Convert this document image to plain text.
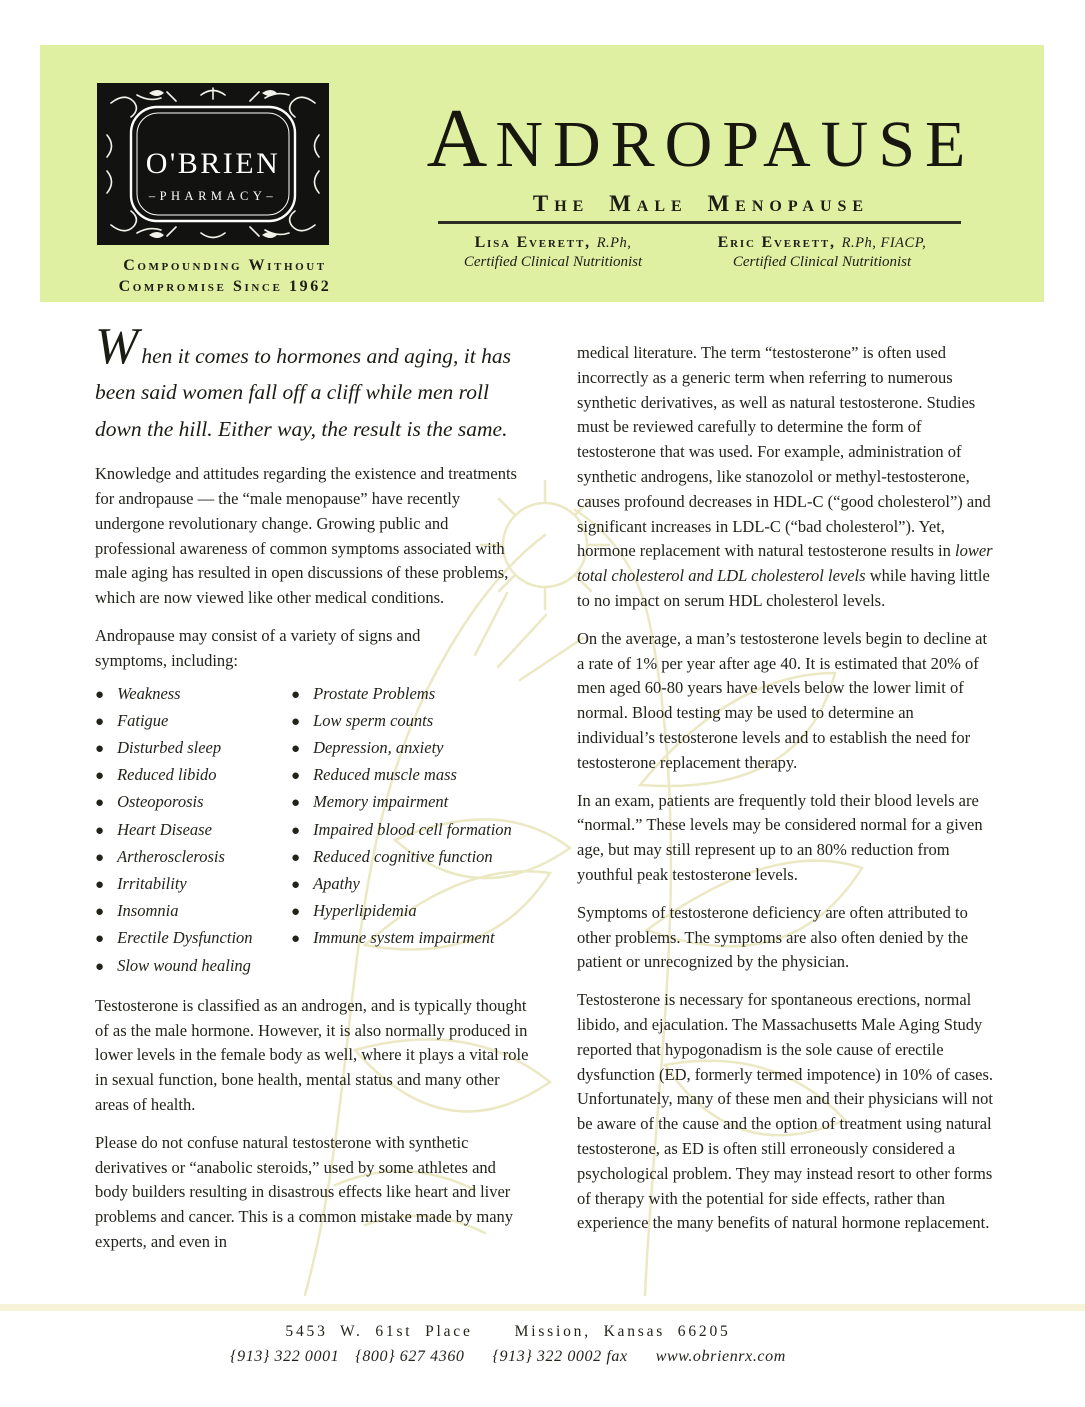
O'BRIEN
–PHARMACY–
Compounding Without
Compromise Since 1962
ANDROPAUSE
The Male Menopause
Lisa Everett, R.Ph,
Certified Clinical Nutritionist
Eric Everett, R.Ph, FIACP,
Certified Clinical Nutritionist

When it comes to hormones and aging, it has been said women fall off a cliff while men roll down the hill. Either way, the result is the same.

Knowledge and attitudes regarding the existence and treatments for andropause — the “male menopause” have recently undergone revolutionary change. Growing public and professional awareness of common symptoms associated with male aging has resulted in open discussions of these problems, which are now viewed like other medical conditions.

Andropause may consist of a variety of signs and symptoms, including:

● Weakness
● Fatigue
● Disturbed sleep
● Reduced libido
● Osteoporosis
● Heart Disease
● Artherosclerosis
● Irritability
● Insomnia
● Erectile Dysfunction
● Slow wound healing
● Prostate Problems
● Low sperm counts
● Depression, anxiety
● Reduced muscle mass
● Memory impairment
● Impaired blood cell formation
● Reduced cognitive function
● Apathy
● Hyperlipidemia
● Immune system impairment

Testosterone is classified as an androgen, and is typically thought of as the male hormone. However, it is also normally produced in lower levels in the female body as well, where it plays a vital role in sexual function, bone health, mental status and many other areas of health.

Please do not confuse natural testosterone with synthetic derivatives or “anabolic steroids,” used by some athletes and body builders resulting in disastrous effects like heart and liver problems and cancer. This is a common mistake made by many experts, and even in

medical literature. The term “testosterone” is often used incorrectly as a generic term when referring to numerous synthetic derivatives, as well as natural testosterone. Studies must be reviewed carefully to determine the form of testosterone that was used. For example, administration of synthetic androgens, like stanozolol or methyl-testosterone, causes profound decreases in HDL-C (“good cholesterol”) and significant increases in LDL-C (“bad cholesterol”). Yet, hormone replacement with natural testosterone results in lower total cholesterol and LDL cholesterol levels while having little to no impact on serum HDL cholesterol levels.

On the average, a man’s testosterone levels begin to decline at a rate of 1% per year after age 40. It is estimated that 20% of men aged 60-80 years have levels below the lower limit of normal. Blood testing may be used to determine an individual’s testosterone levels and to establish the need for testosterone replacement therapy.

In an exam, patients are frequently told their blood levels are “normal.” These levels may be considered normal for a given age, but may still represent up to an 80% reduction from youthful peak testosterone levels.

Symptoms of testosterone deficiency are often attributed to other problems. The symptoms are also often denied by the patient or unrecognized by the physician.

Testosterone is necessary for spontaneous erections, normal libido, and ejaculation. The Massachusetts Male Aging Study reported that hypogonadism is the sole cause of erectile dysfunction (ED, formerly termed impotence) in 10% of cases. Unfortunately, many of these men and their physicians will not be aware of the cause and the option of treatment using natural testosterone, as ED is often still erroneously considered a psychological problem. They may instead resort to other forms of therapy with the potential for side effects, rather than experience the many benefits of natural hormone replacement.

5453 W. 61st Place	Mission, Kansas 66205
{913} 322 0001 {800} 627 4360 {913} 322 0002 fax www.obrienrx.com
